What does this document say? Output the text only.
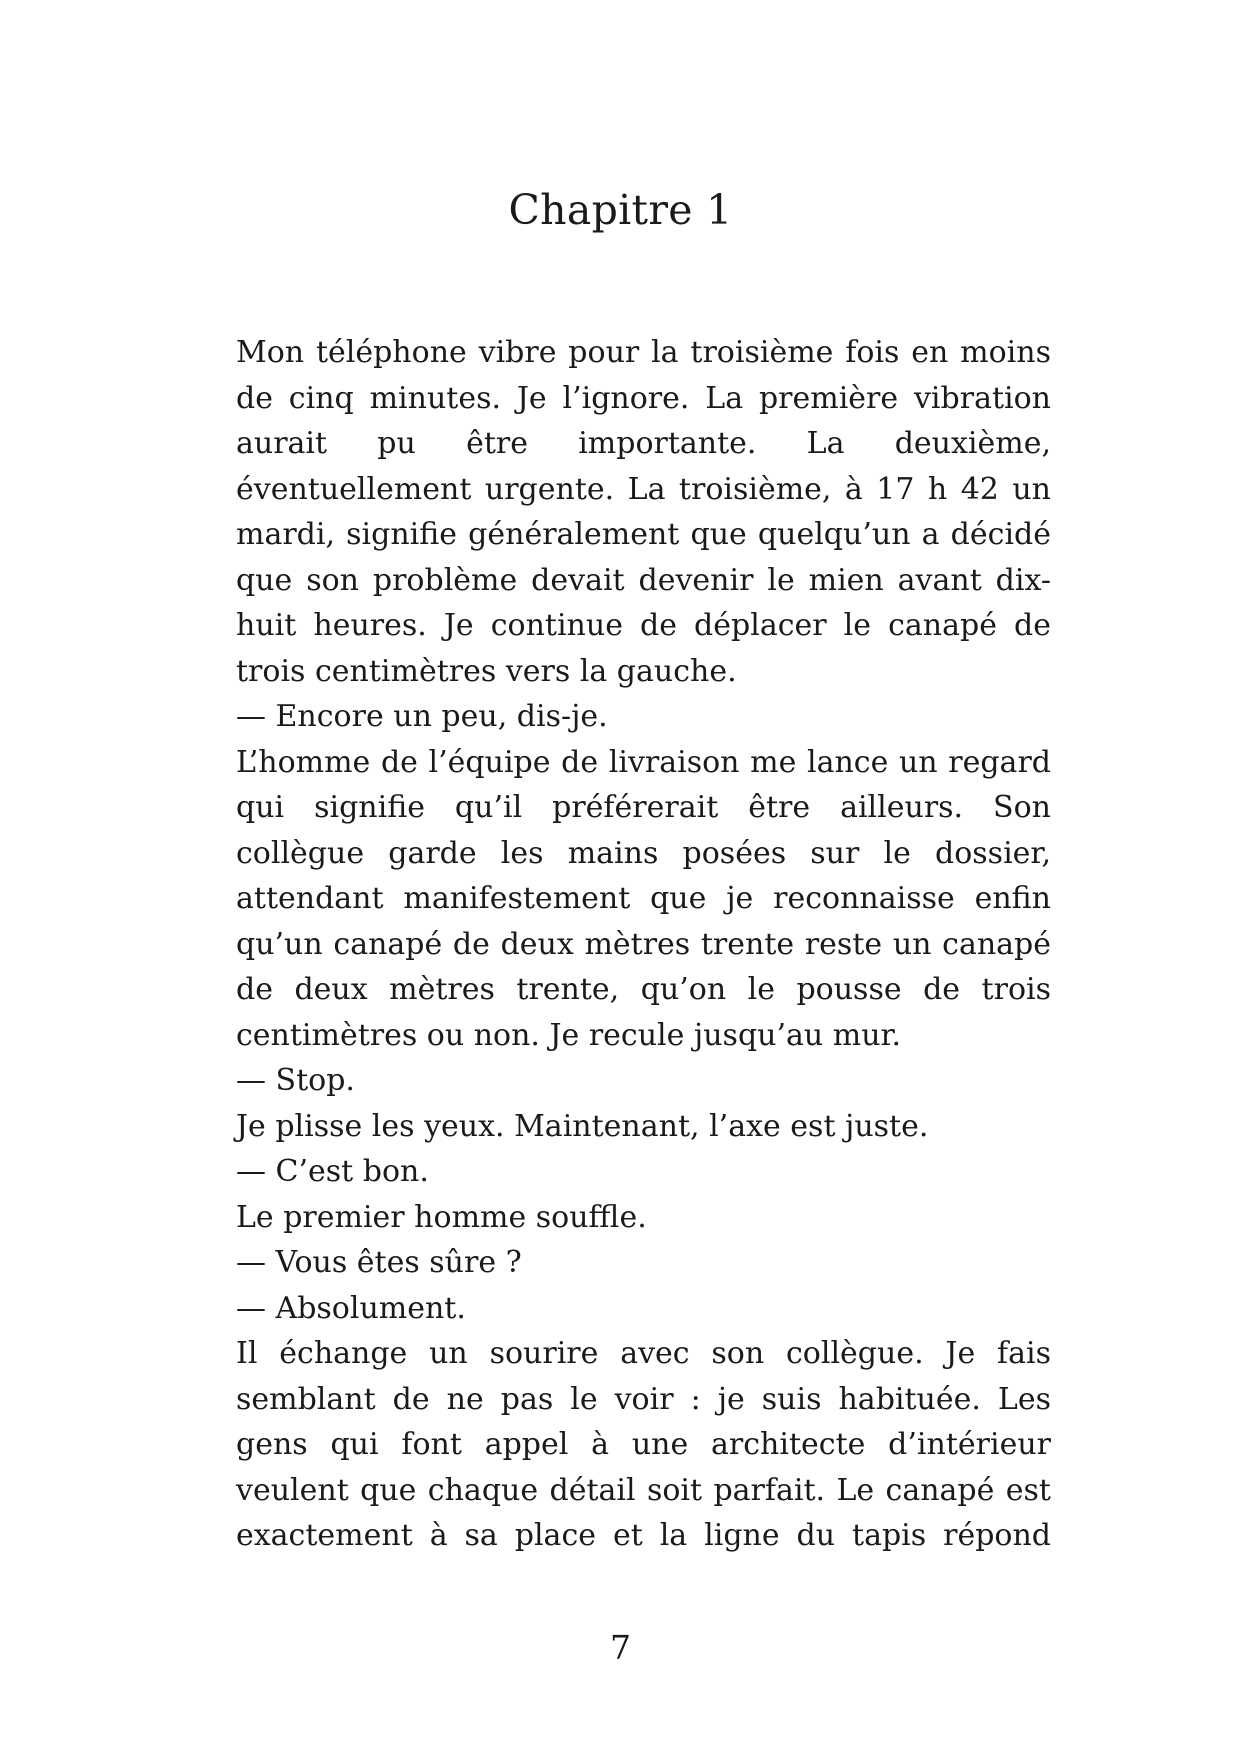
Chapitre 1

Mon téléphone vibre pour la troisième fois en moins de cinq minutes. Je l’ignore. La première vibration aurait pu être importante. La deuxième, éventuellement urgente. La troisième, à 17 h 42 un mardi, signifie généralement que quelqu’un a décidé que son problème devait devenir le mien avant dix-huit heures. Je continue de déplacer le canapé de trois centimètres vers la gauche.

— Encore un peu, dis-je.

L’homme de l’équipe de livraison me lance un regard qui signifie qu’il préférerait être ailleurs. Son collègue garde les mains posées sur le dossier, attendant manifestement que je reconnaisse enfin qu’un canapé de deux mètres trente reste un canapé de deux mètres trente, qu’on le pousse de trois centimètres ou non. Je recule jusqu’au mur.

— Stop.

Je plisse les yeux. Maintenant, l’axe est juste.

— C’est bon.

Le premier homme souffle.

— Vous êtes sûre ?

— Absolument.

Il échange un sourire avec son collègue. Je fais semblant de ne pas le voir : je suis habituée. Les gens qui font appel à une architecte d’intérieur veulent que chaque détail soit parfait. Le canapé est exactement à sa place et la ligne du tapis répond

7
